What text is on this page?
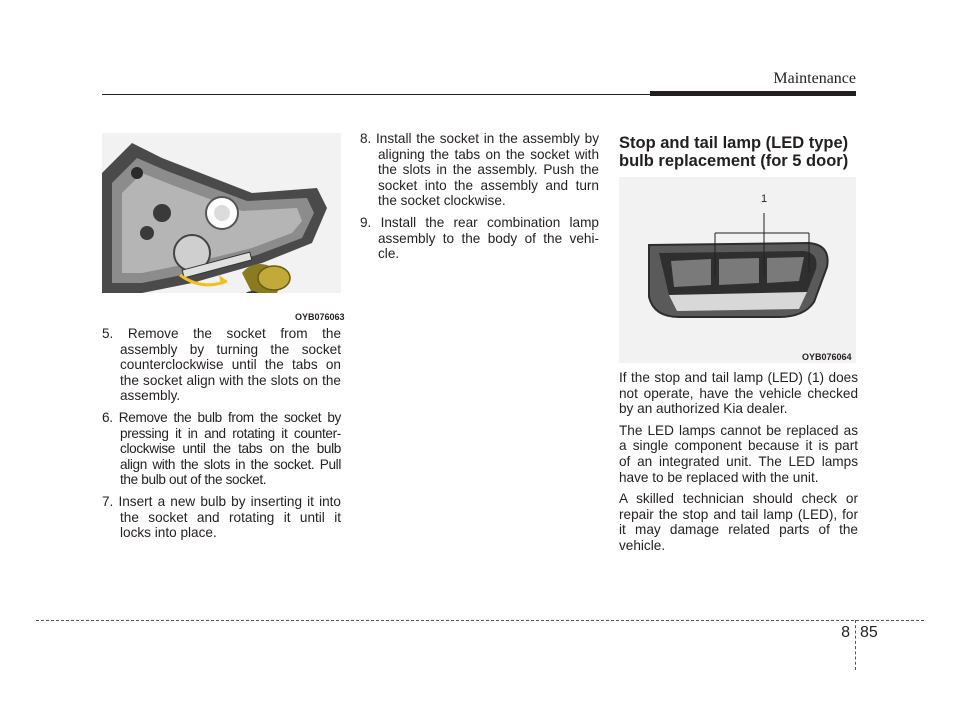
Maintenance
OYB076063

5. Remove the socket from the assembly by turning the socket counterclockwise until the tabs on the socket align with the slots on the assembly.

6. Remove the bulb from the socket by pressing it in and rotating it counter- clockwise until the tabs on the bulb align with the slots in the socket. Pull the bulb out of the socket.

7. Insert a new bulb by inserting it into the socket and rotating it until it locks into place.

8. Install the socket in the assembly by aligning the tabs on the socket with the slots in the assembly. Push the socket into the assembly and turn the socket clockwise.

9. Install the rear combination lamp assembly to the body of the vehi- cle.

Stop and tail lamp (LED type) bulb replacement (for 5 door)
1
OYB076064

If the stop and tail lamp (LED) (1) does not operate, have the vehicle checked by an authorized Kia dealer.

The LED lamps cannot be replaced as a single component because it is part of an integrated unit. The LED lamps have to be replaced with the unit.

A skilled technician should check or repair the stop and tail lamp (LED), for it may damage related parts of the vehicle.

8 85
